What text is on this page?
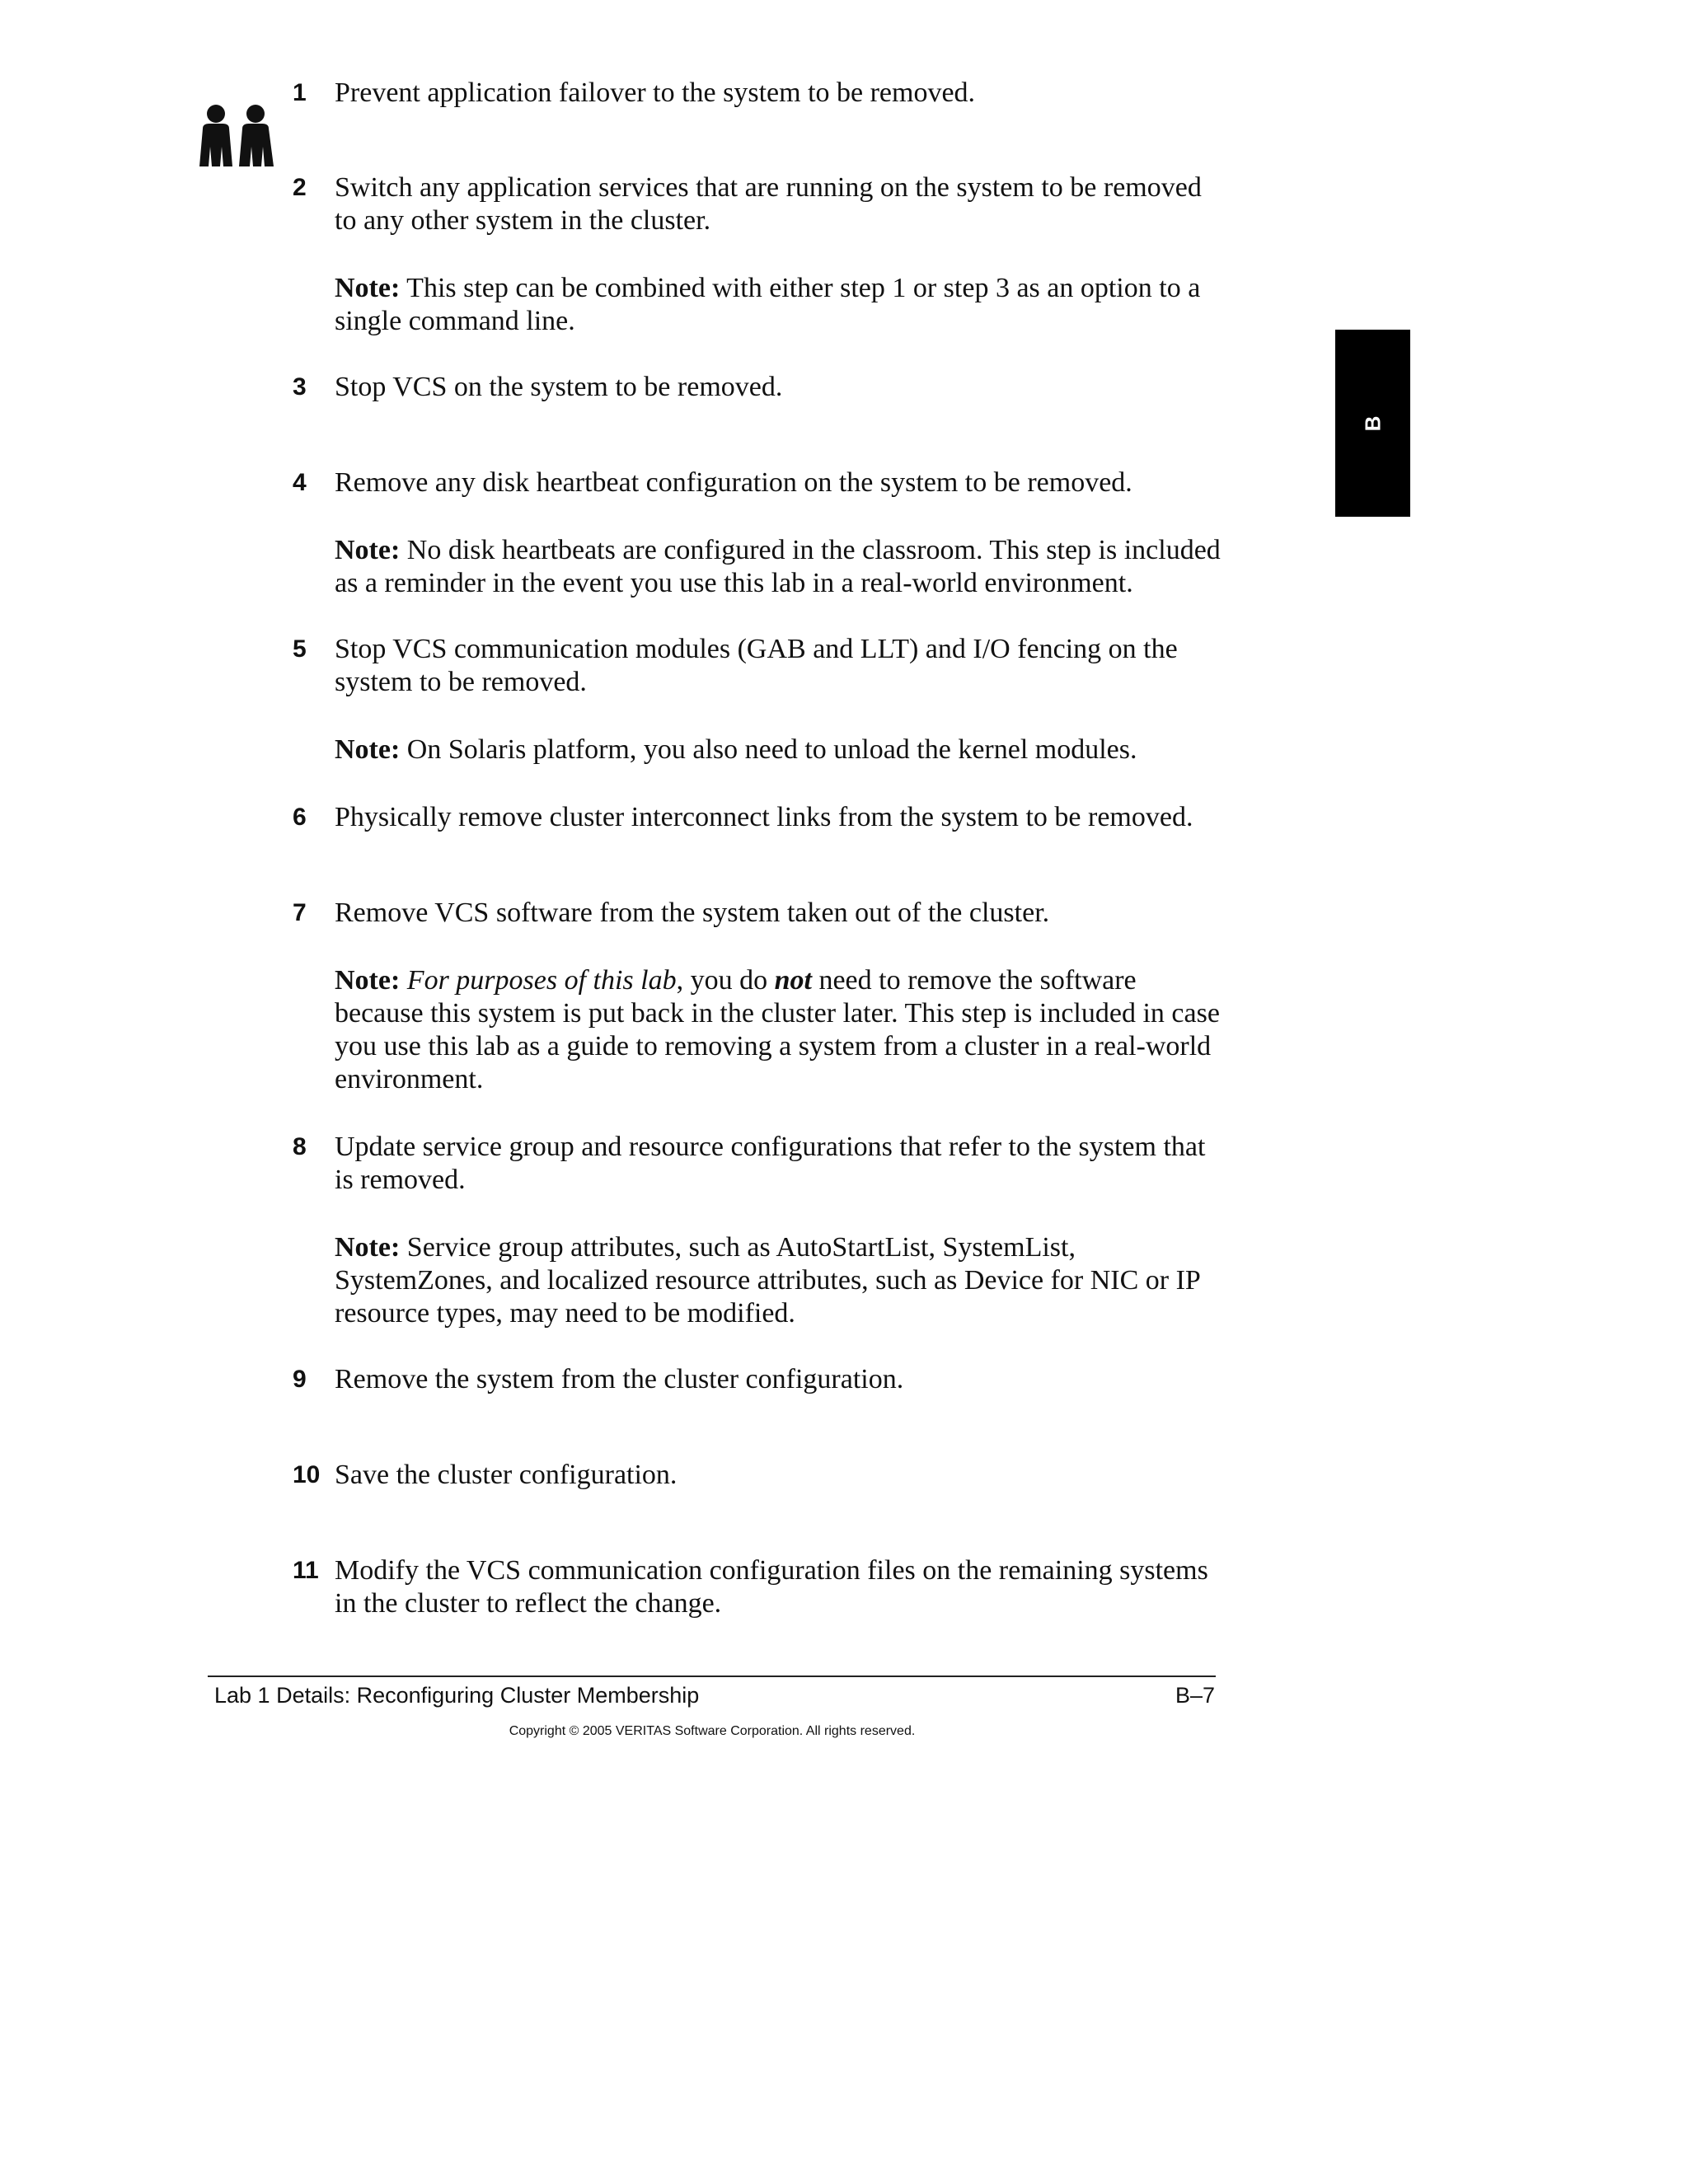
B
1	Prevent application failover to the system to be removed.
2	Switch any application services that are running on the system to be removed to any other system in the cluster.
Note: This step can be combined with either step 1 or step 3 as an option to a single command line.
3	Stop VCS on the system to be removed.
4	Remove any disk heartbeat configuration on the system to be removed.
Note: No disk heartbeats are configured in the classroom. This step is included as a reminder in the event you use this lab in a real-world environment.
5	Stop VCS communication modules (GAB and LLT) and I/O fencing on the system to be removed.
Note: On Solaris platform, you also need to unload the kernel modules.
6	Physically remove cluster interconnect links from the system to be removed.
7	Remove VCS software from the system taken out of the cluster.
Note: For purposes of this lab, you do not need to remove the software because this system is put back in the cluster later. This step is included in case you use this lab as a guide to removing a system from a cluster in a real-world environment.
8	Update service group and resource configurations that refer to the system that is removed.
Note: Service group attributes, such as AutoStartList, SystemList, SystemZones, and localized resource attributes, such as Device for NIC or IP resource types, may need to be modified.
9	Remove the system from the cluster configuration.
10 Save the cluster configuration.
11 Modify the VCS communication configuration files on the remaining systems in the cluster to reflect the change.
Lab 1 Details: Reconfiguring Cluster Membership	B–7
Copyright © 2005 VERITAS Software Corporation. All rights reserved.
